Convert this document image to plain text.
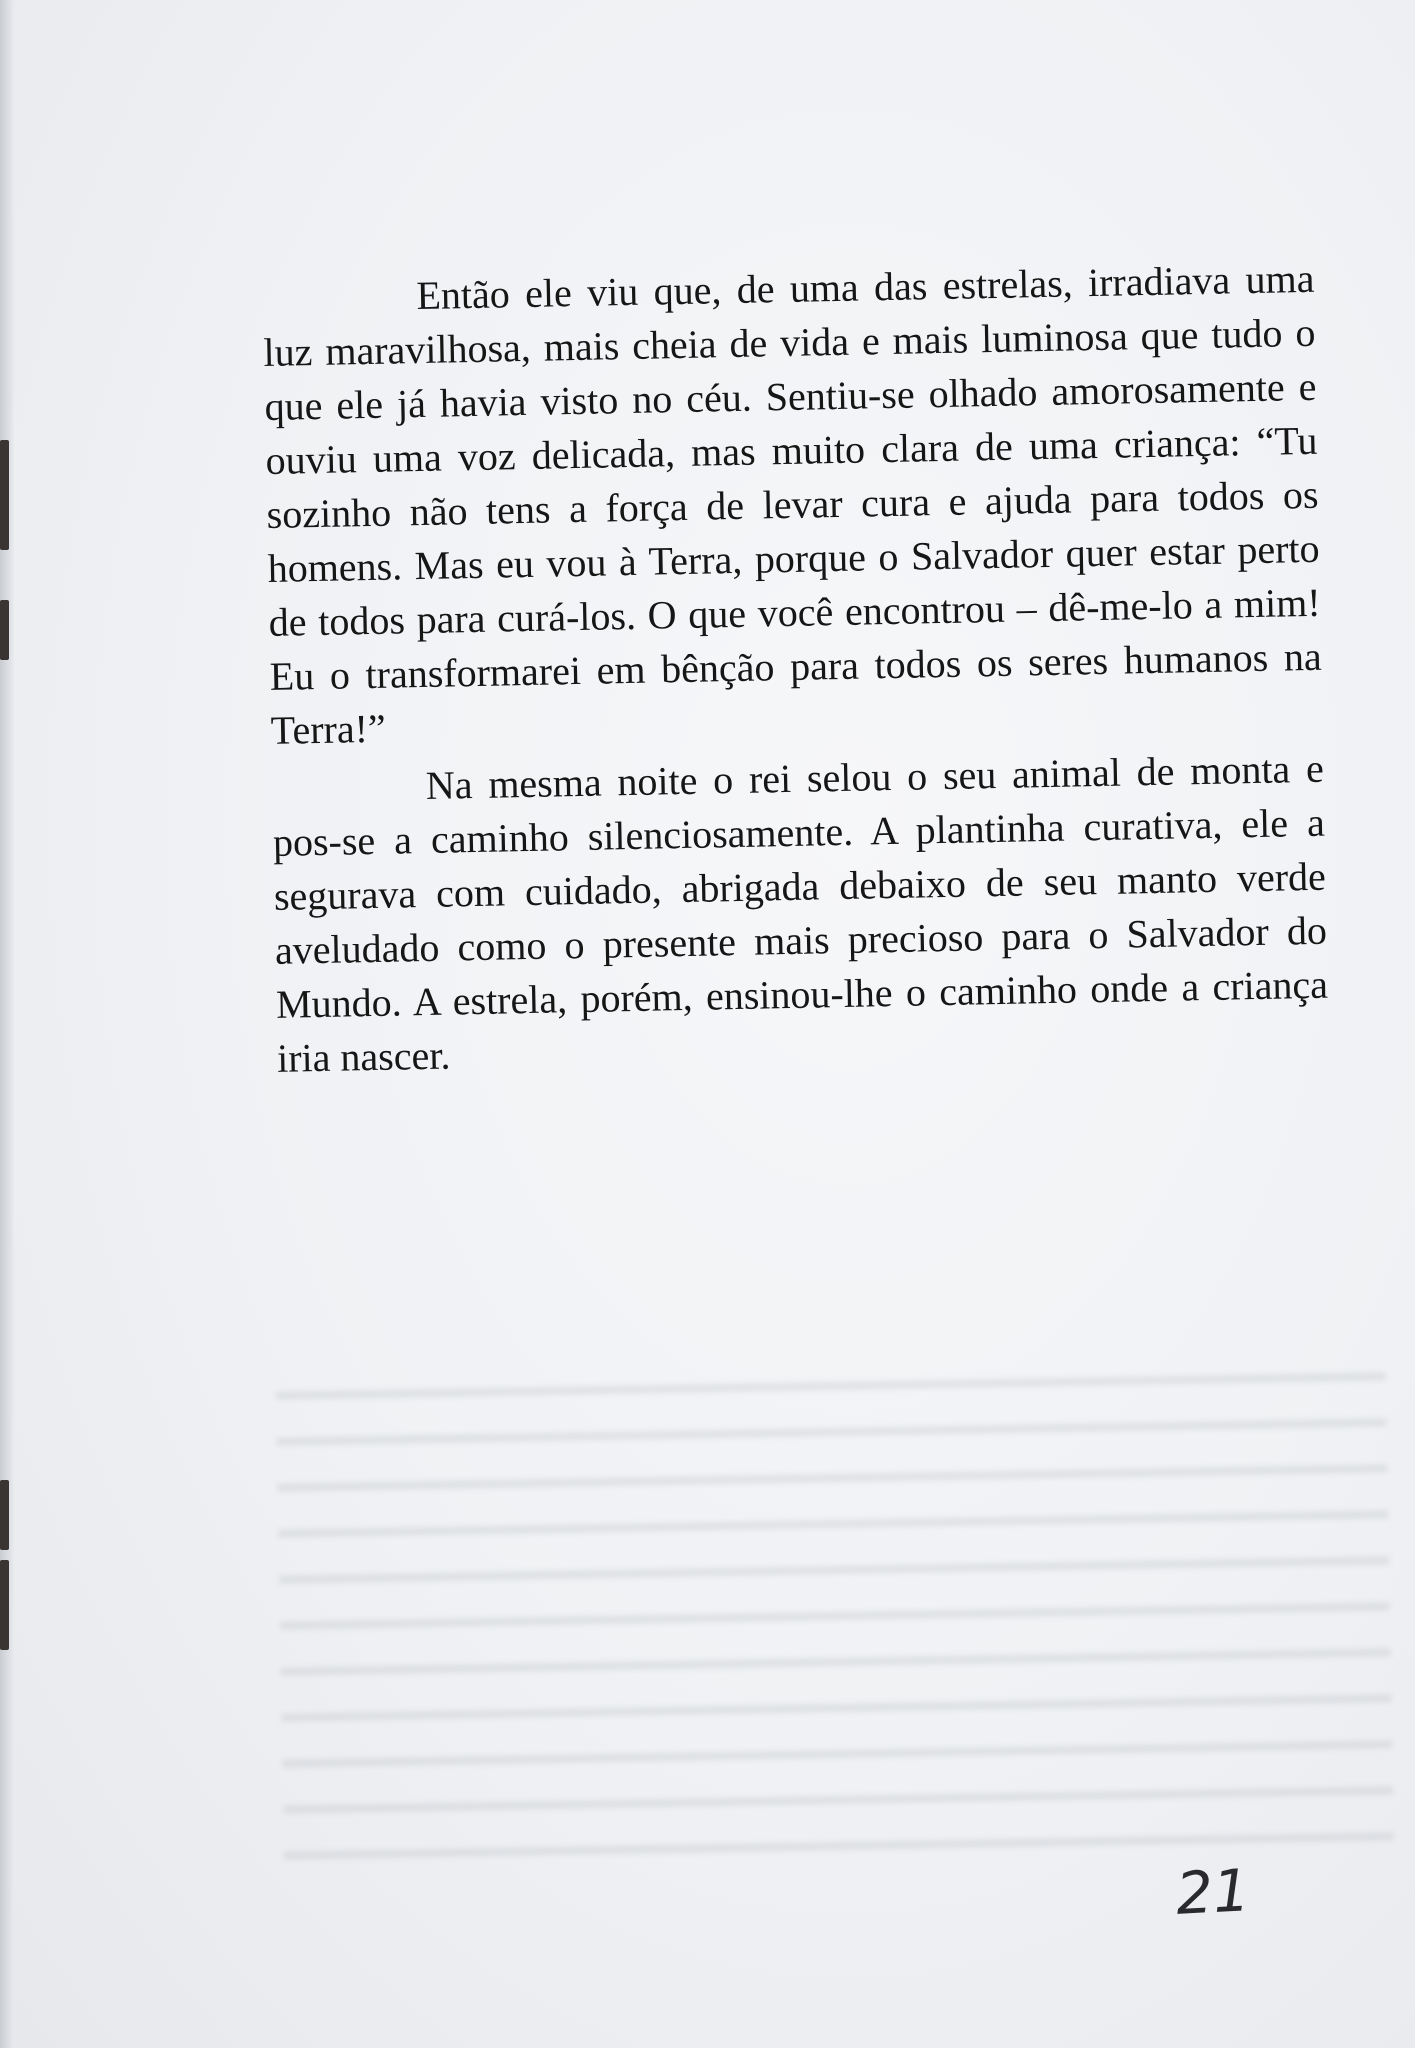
Então ele viu que, de uma das estrelas, irradiava uma luz maravilhosa, mais cheia de vida e mais luminosa que tudo o que ele já havia visto no céu. Sentiu-se olhado amorosamente e ouviu uma voz delicada, mas muito clara de uma criança: “Tu sozinho não tens a força de levar cura e ajuda para todos os homens. Mas eu vou à Terra, porque o Salvador quer estar perto de todos para curá-los. O que você encontrou – dê-me-lo a mim! Eu o transformarei em bênção para todos os seres humanos na Terra!”

Na mesma noite o rei selou o seu animal de monta e pos-se a caminho silenciosamente. A plantinha curativa, ele a segurava com cuidado, abrigada debaixo de seu manto verde aveludado como o presente mais precioso para o Salvador do Mundo. A estrela, porém, ensinou-lhe o caminho onde a criança iria nascer.

21
